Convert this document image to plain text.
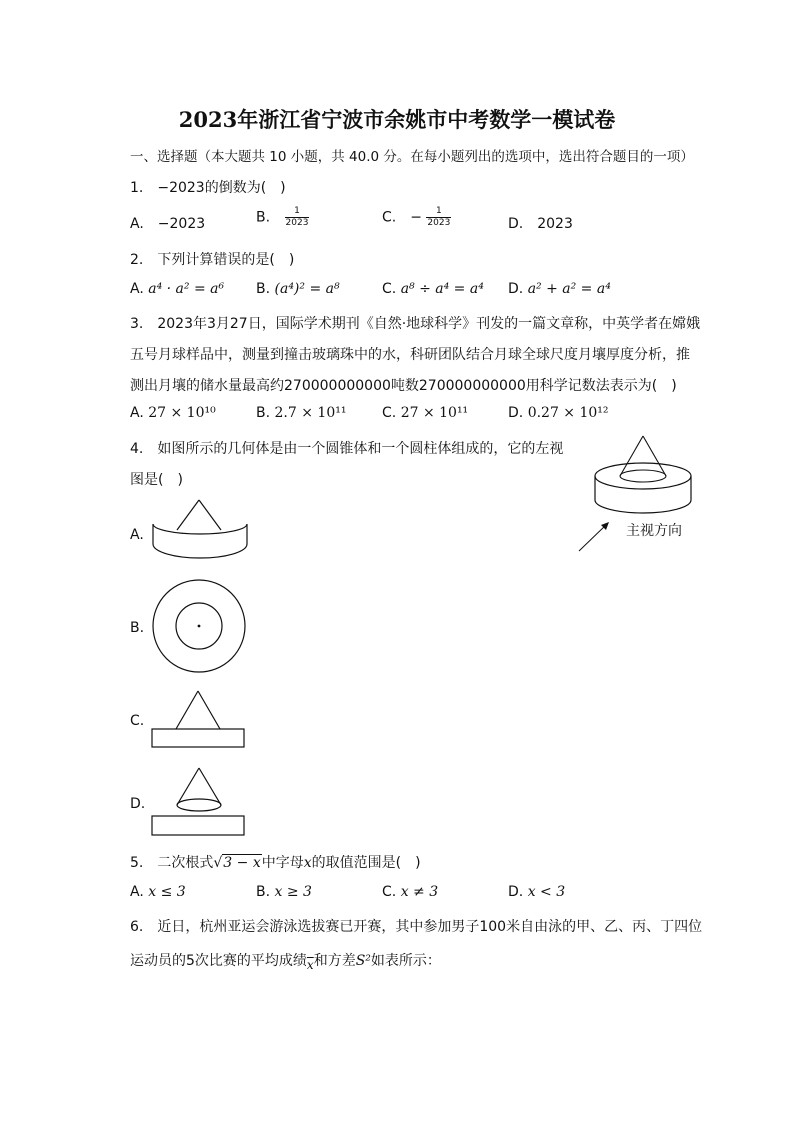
2023年浙江省宁波市余姚市中考数学一模试卷
一、选择题（本大题共 10 小题，共 40.0 分。在每小题列出的选项中，选出符合题目的一项）
1.　−2023的倒数为(　)
A.　−2023	B. $\frac{1}{2023}$	C.　− $\frac{1}{2023}$	D.　2023
2.　下列计算错误的是(　)
A. a⁴ · a² = a⁶ B. (a⁴)² = a⁸	C. a⁸ ÷ a⁴ = a⁴ D. a² + a² = a⁴
3.　2023年3月27日，国际学术期刊《自然·地球科学》刊发的一篇文章称，中英学者在嫦娥
五号月球样品中，测量到撞击玻璃珠中的水，科研团队结合月球全球尺度月壤厚度分析，推
测出月壤的储水量最高约270000000000吨数270000000000用科学记数法表示为(　)
A. 27 × 10¹⁰	B. 2.7 × 10¹¹	C. 27 × 10¹¹	D. 0.27 × 10¹²
4.　如图所示的几何体是由一个圆锥体和一个圆柱体组成的，它的左视
图是(　)
主视方向
A.
B.
C.
D.
5.　二次根式√3 − x中字母x的取值范围是(　)
A. x ≤ 3	B. x ≥ 3	C. x ≠ 3	D. x < 3
6.　近日，杭州亚运会游泳选拔赛已开赛，其中参加男子100米自由泳的甲、乙、丙、丁四位
运动员的5次比赛的平均成绩$\overline{x}$和方差S²如表所示：
